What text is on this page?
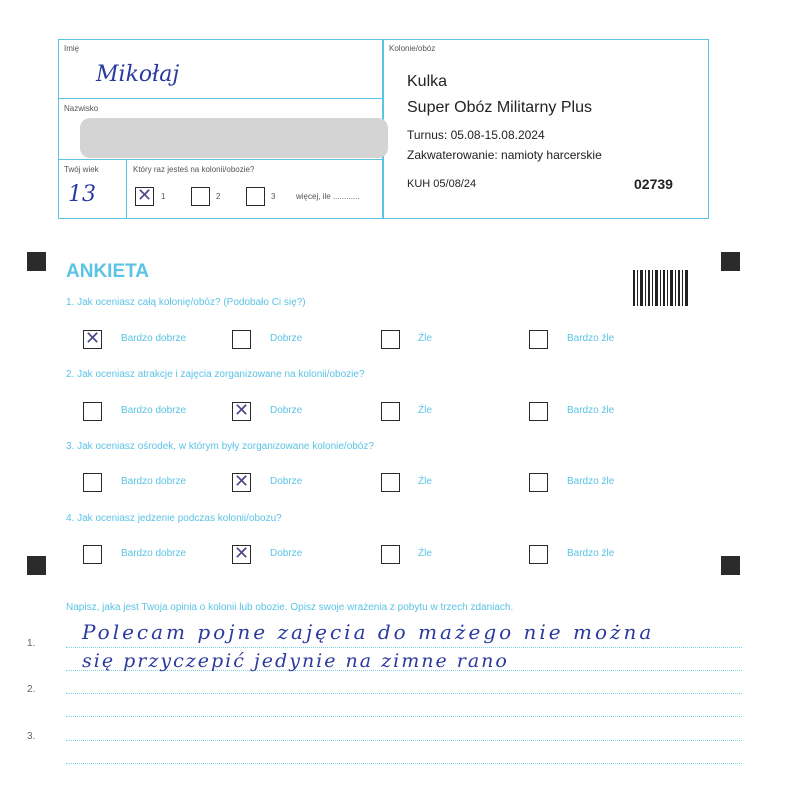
Imię
Mikołaj
Nazwisko
Twój wiek
13
Który raz jesteś na kolonii/obozie?
✕
1	2	3	więcej, ile ............
Kolonie/obóz
Kulka
Super Obóz Militarny Plus
Turnus: 05.08-15.08.2024
Zakwaterowanie: namioty harcerskie
KUH 05/08/24	02739
ANKIETA
1. Jak oceniasz całą kolonię/obóz? (Podobało Ci się?)
2. Jak oceniasz atrakcje i zajęcia zorganizowane na kolonii/obozie?
3. Jak oceniasz ośrodek, w którym były zorganizowane kolonie/obóz?
4. Jak oceniasz jedzenie podczas kolonii/obozu?
✕
Bardzo dobrze	Dobrze	Źle	Bardzo źle
Bardzo dobrze ✕	Dobrze	Źle	Bardzo źle
Bardzo dobrze ✕	Dobrze	Źle	Bardzo źle
Bardzo dobrze ✕	Dobrze	Źle	Bardzo źle
Napisz, jaka jest Twoja opinia o kolonii lub obozie. Opisz swoje wrażenia z pobytu w trzech zdaniach.
1.
2.
3.
Polecam pojne zajęcia do mażego nie można
się przyczepić jedynie na zimne rano
